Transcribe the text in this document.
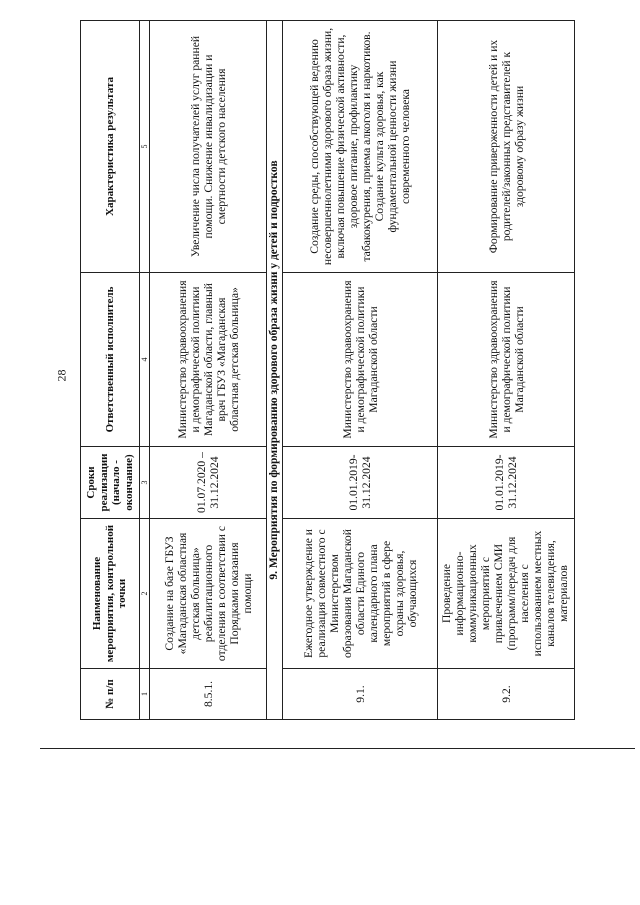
28
№ п/п
Наименование мероприятия, контрольной точки
Сроки реализации (начало - окончание)
Ответственный исполнитель
Характеристика результата
1
2
3
4
5
8.5.1.
Создание на базе ГБУЗ «Магаданская областная детская больница» реабилитационного отделения в соответствии с Порядками оказания помощи
01.07.2020 – 31.12.2024
Министерство здравоохранения и демографической политики Магаданской области, главный врач ГБУЗ «Магаданская областная детская больница»
Увеличение числа получателей услуг ранней помощи. Снижение инвалидизации и смертности детского населения
9. Мероприятия по формированию здорового образа жизни у детей и подростков
9.1.
Ежегодное утверждение и реализация совместного с Министерством образования Магаданской области Единого календарного плана мероприятий в сфере охраны здоровья, обучающихся
01.01.2019- 31.12.2024
Министерство здравоохранения и демографической политики Магаданской области
Создание среды, способствующей ведению несовершеннолетними здорового образа жизни, включая повышение физической активности, здоровое питание, профилактику табакокурения, приема алкоголя и наркотиков. Создание культа здоровья, как фундаментальной ценности жизни современного человека
9.2.
Проведение информационно-коммуникационных мероприятий с привлечением СМИ (программ/передач для населения с использованием местных каналов телевидения, материалов
01.01.2019- 31.12.2024
Министерство здравоохранения и демографической политики Магаданской области
Формирование приверженности детей и их родителей/законных представителей к здоровому образу жизни
